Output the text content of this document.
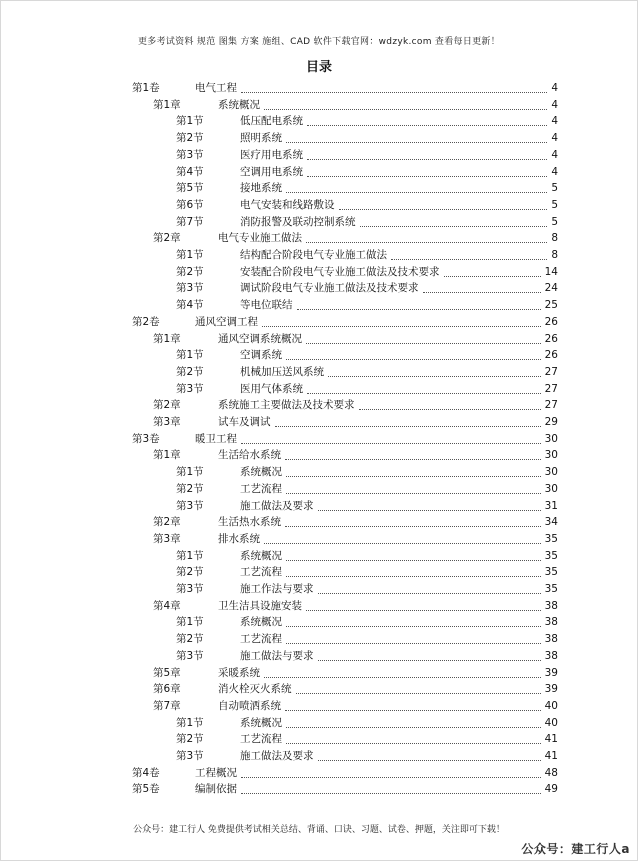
更多考试资料 规范 图集 方案 施组、CAD 软件下载官网：wdzyk.com 查看每日更新！
目录
第1卷	电气工程	4
第1章	系统概况	4
第1节	低压配电系统	4
第2节	照明系统	4
第3节	医疗用电系统	4
第4节	空调用电系统	4
第5节	接地系统	5
第6节	电气安装和线路敷设	5
第7节	消防报警及联动控制系统	5
第2章	电气专业施工做法	8
第1节	结构配合阶段电气专业施工做法	8
第2节	安装配合阶段电气专业施工做法及技术要求	14
第3节	调试阶段电气专业施工做法及技术要求	24
第4节	等电位联结	25
第2卷	通风空调工程	26
第1章	通风空调系统概况	26
第1节	空调系统	26
第2节	机械加压送风系统	27
第3节	医用气体系统	27
第2章	系统施工主要做法及技术要求	27
第3章	试车及调试	29
第3卷	暖卫工程	30
第1章	生活给水系统	30
第1节	系统概况	30
第2节	工艺流程	30
第3节	施工做法及要求	31
第2章	生活热水系统	34
第3章	排水系统	35
第1节	系统概况	35
第2节	工艺流程	35
第3节	施工作法与要求	35
第4章	卫生洁具设施安装	38
第1节	系统概况	38
第2节	工艺流程	38
第3节	施工做法与要求	38
第5章	采暖系统	39
第6章	消火栓灭火系统	39
第7章	自动喷洒系统	40
第1节	系统概况	40
第2节	工艺流程	41
第3节	施工做法及要求	41
第4卷	工程概况	48
第5卷	编制依据	49
公众号：建工行人 免费提供考试相关总结、背诵、口诀、习题、试卷、押题，关注即可下载！
公众号：建工行人a
